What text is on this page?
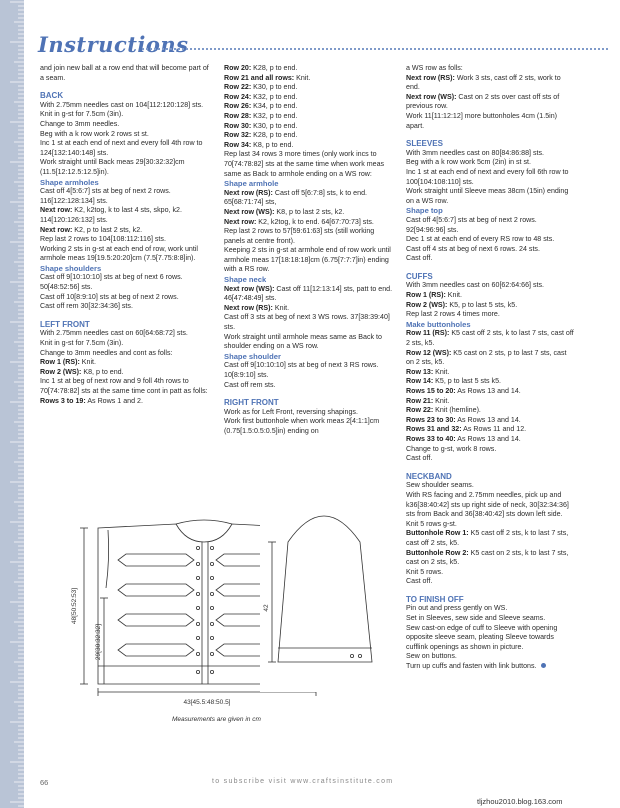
Instructions

and join new ball at a row end that will become part of a seam.

BACK

With 2.75mm needles cast on 104[112:120:128] sts.

Knit in g-st for 7.5cm (3in).

Change to 3mm needles.

Beg with a k row work 2 rows st st.

Inc 1 st at each end of next and every foll 4th row to 124[132:140:148] sts.

Work straight until Back meas 29[30:32:32]cm (11.5[12:12.5:12.5]in).

Shape armholes

Cast off 4[5:6:7] sts at beg of next 2 rows. 116[122:128:134] sts.

Next row: K2, k2tog, k to last 4 sts, skpo, k2. 114[120:126:132] sts.

Next row: K2, p to last 2 sts, k2.

Rep last 2 rows to 104[108:112:116] sts.

Working 2 sts in g-st at each end of row, work until armhole meas 19[19.5:20:20]cm (7.5[7.75:8:8]in).

Shape shoulders

Cast off 9[10:10:10] sts at beg of next 6 rows. 50[48:52:56] sts.

Cast off 10[8:9:10] sts at beg of next 2 rows.

Cast off rem 30[32:34:36] sts.

LEFT FRONT

With 2.75mm needles cast on 60[64:68:72] sts.

Knit in g-st for 7.5cm (3in).

Change to 3mm needles and cont as folls:

Row 1 (RS): Knit.

Row 2 (WS): K8, p to end.

Inc 1 st at beg of next row and 9 foll 4th rows to 70[74:78:82] sts at the same time cont in patt as folls:

Rows 3 to 19: As Rows 1 and 2.

Row 20: K28, p to end.

Row 21 and all rows: Knit.

Row 22: K30, p to end.

Row 24: K32, p to end.

Row 26: K34, p to end.

Row 28: K32, p to end.

Row 30: K30, p to end.

Row 32: K28, p to end.

Row 34: K8, p to end.

Rep last 34 rows 3 more times (only work incs to 70[74:78:82] sts at the same time when work meas same as Back to armhole ending on a WS row:

Shape armhole

Next row (RS): Cast off 5[6:7:8] sts, k to end. 65[68:71:74] sts,

Next row (WS): K8, p to last 2 sts, k2.

Next row: K2, k2tog, k to end. 64[67:70:73] sts.

Rep last 2 rows to 57[59:61:63] sts (still working panels at centre front).

Keeping 2 sts in g-st at armhole end of row work until armhole meas 17[18:18:18]cm (6.75[7:7:7]in) ending with a RS row.

Shape neck

Next row (WS): Cast off 11[12:13:14] sts, patt to end. 46[47:48:49] sts.

Next row (RS): Knit.

Cast off 3 sts at beg of next 3 WS rows. 37[38:39:40] sts.

Work straight until armhole meas same as Back to shoulder ending on a WS row.

Shape shoulder

Cast off 9[10:10:10] sts at beg of next 3 RS rows. 10[8:9:10] sts.

Cast off rem sts.

RIGHT FRONT

Work as for Left Front, reversing shapings.

Work first buttonhole when work meas 2[4:1:1]cm (0.75[1.5:0.5:0.5]in) ending on

a WS row as folls:

Next row (RS): Work 3 sts, cast off 2 sts, work to end.

Next row (WS): Cast on 2 sts over cast off sts of previous row.

Work 11[11:12:12] more buttonholes 4cm (1.5in) apart.

SLEEVES

With 3mm needles cast on 80[84:86:88] sts.

Beg with a k row work 5cm (2in) in st st.

Inc 1 st at each end of next and every foll 6th row to 100[104:108:110] sts.

Work straight until Sleeve meas 38cm (15in) ending on a WS row.

Shape top

Cast off 4[5:6:7] sts at beg of next 2 rows. 92[94:96:96] sts.

Dec 1 st at each end of every RS row to 48 sts.

Cast off 4 sts at beg of next 6 rows. 24 sts.

Cast off.

CUFFS

With 3mm needles cast on 60[62:64:66] sts.

Row 1 (RS): Knit.

Row 2 (WS): K5, p to last 5 sts, k5.

Rep last 2 rows 4 times more.

Make buttonholes

Row 11 (RS): K5 cast off 2 sts, k to last 7 sts, cast off 2 sts, k5.

Row 12 (WS): K5 cast on 2 sts, p to last 7 sts, cast on 2 sts, k5.

Row 13: Knit.

Row 14: K5, p to last 5 sts k5.

Rows 15 to 20: As Rows 13 and 14.

Row 21: Knit.

Row 22: Knit (hemline).

Rows 23 to 30: As Rows 13 and 14.

Rows 31 and 32: As Rows 11 and 12.

Rows 33 to 40: As Rows 13 and 14.

Change to g-st, work 8 rows.

Cast off.

NECKBAND

Sew shoulder seams.

With RS facing and 2.75mm needles, pick up and k36[38:40:42] sts up right side of neck, 30[32:34:36] sts from Back and 36[38:40:42] sts down left side.

Knit 5 rows g-st.

Buttonhole Row 1: K5 cast off 2 sts, k to last 7 sts, cast off 2 sts, k5.

Buttonhole Row 2: K5 cast on 2 sts, k to last 7 sts, cast on 2 sts, k5.

Knit 5 rows.

Cast off.

TO FINISH OFF

Pin out and press gently on WS.

Set in Sleeves, sew side and Sleeve seams.

Sew cast-on edge of cuff to Sleeve with opening opposite sleeve seam, pleating Sleeve towards cufflink openings as shown in picture.

Sew on buttons.

Turn up cuffs and fasten with link buttons.

48[50:52:53]
29[30:32:32]
43[45.5:48:50.5]
42
Measurements are given in cm
66	to subscribe visit www.craftsinstitute.com
tljzhou2010.blog.163.com
